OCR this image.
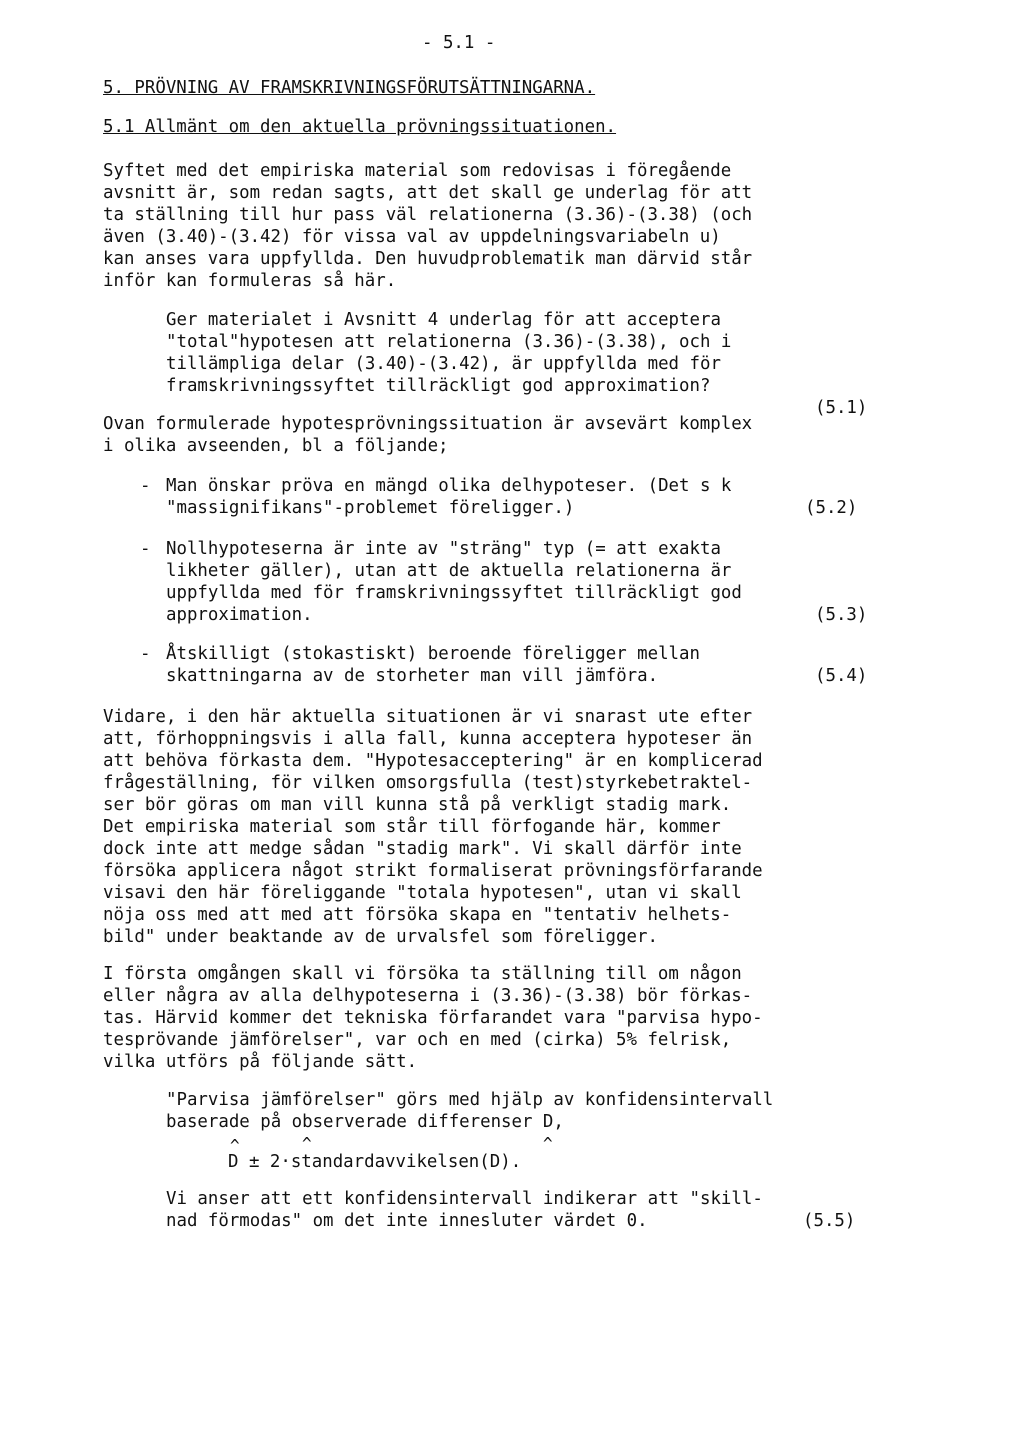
- 5.1 -
5. PRÖVNING AV FRAMSKRIVNINGSFÖRUTSÄTTNINGARNA.
5.1 Allmänt om den aktuella prövningssituationen.
Syftet med det empiriska material som redovisas i föregående
avsnitt är, som redan sagts, att det skall ge underlag för att
ta ställning till hur pass väl relationerna (3.36)-(3.38) (och
även (3.40)-(3.42) för vissa val av uppdelningsvariabeln u)
kan anses vara uppfyllda. Den huvudproblematik man därvid står
inför kan formuleras så här.
Ger materialet i Avsnitt 4 underlag för att acceptera
"total"hypotesen att relationerna (3.36)-(3.38), och i
tillämpliga delar (3.40)-(3.42), är uppfyllda med för
framskrivningssyftet tillräckligt god approximation?
(5.1)
Ovan formulerade hypotesprövningssituation är avsevärt komplex
i olika avseenden, bl a följande;
- Man önskar pröva en mängd olika delhypoteser. (Det s k
"massignifikans"-problemet föreligger.)	(5.2)
- Nollhypoteserna är inte av "sträng" typ (= att exakta
likheter gäller), utan att de aktuella relationerna är
uppfyllda med för framskrivningssyftet tillräckligt god
approximation.	(5.3)
- Åtskilligt (stokastiskt) beroende föreligger mellan
skattningarna av de storheter man vill jämföra.	(5.4)
Vidare, i den här aktuella situationen är vi snarast ute efter
att, förhoppningsvis i alla fall, kunna acceptera hypoteser än
att behöva förkasta dem. "Hypotesacceptering" är en komplicerad
frågeställning, för vilken omsorgsfulla (test)styrkebetraktel-
ser bör göras om man vill kunna stå på verkligt stadig mark.
Det empiriska material som står till förfogande här, kommer
dock inte att medge sådan "stadig mark". Vi skall därför inte
försöka applicera något strikt formaliserat prövningsförfarande
visavi den här föreliggande "totala hypotesen", utan vi skall
nöja oss med att med att försöka skapa en "tentativ helhets-
bild" under beaktande av de urvalsfel som föreligger.
I första omgången skall vi försöka ta ställning till om någon
eller några av alla delhypoteserna i (3.36)-(3.38) bör förkas-
tas. Härvid kommer det tekniska förfarandet vara "parvisa hypo-
tesprövande jämförelser", var och en med (cirka) 5% felrisk,
vilka utförs på följande sätt.
"Parvisa jämförelser" görs med hjälp av konfidensintervall
baserade på observerade differenser D,
D ± 2·standardavvikelsen(D).
^	^	^
Vi anser att ett konfidensintervall indikerar att "skill-
nad förmodas" om det inte innesluter värdet 0.	(5.5)
